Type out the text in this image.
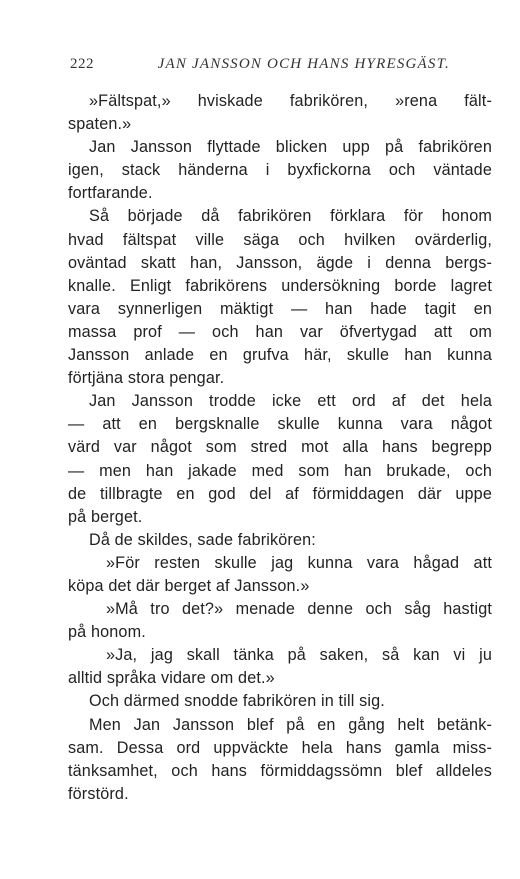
222	JAN JANSSON OCH HANS HYRESGÄST.
»Fältspat,» hviskade fabrikören, »rena fält-
spaten.»
Jan Jansson flyttade blicken upp på fabrikören
igen, stack händerna i byxfickorna och väntade
fortfarande.
Så började då fabrikören förklara för honom
hvad fältspat ville säga och hvilken ovärderlig,
oväntad skatt han, Jansson, ägde i denna bergs-
knalle. Enligt fabrikörens undersökning borde lagret
vara synnerligen mäktigt — han hade tagit en
massa prof — och han var öfvertygad att om
Jansson anlade en grufva här, skulle han kunna
förtjäna stora pengar.
Jan Jansson trodde icke ett ord af det hela
— att en bergsknalle skulle kunna vara något
värd var något som stred mot alla hans begrepp
— men han jakade med som han brukade, och
de tillbragte en god del af förmiddagen där uppe
på berget.
Då de skildes, sade fabrikören:
»För resten skulle jag kunna vara hågad att
köpa det där berget af Jansson.»
»Må tro det?» menade denne och såg hastigt
på honom.
»Ja, jag skall tänka på saken, så kan vi ju
alltid språka vidare om det.»
Och därmed snodde fabrikören in till sig.
Men Jan Jansson blef på en gång helt betänk-
sam. Dessa ord uppväckte hela hans gamla miss-
tänksamhet, och hans förmiddagssömn blef alldeles
förstörd.
